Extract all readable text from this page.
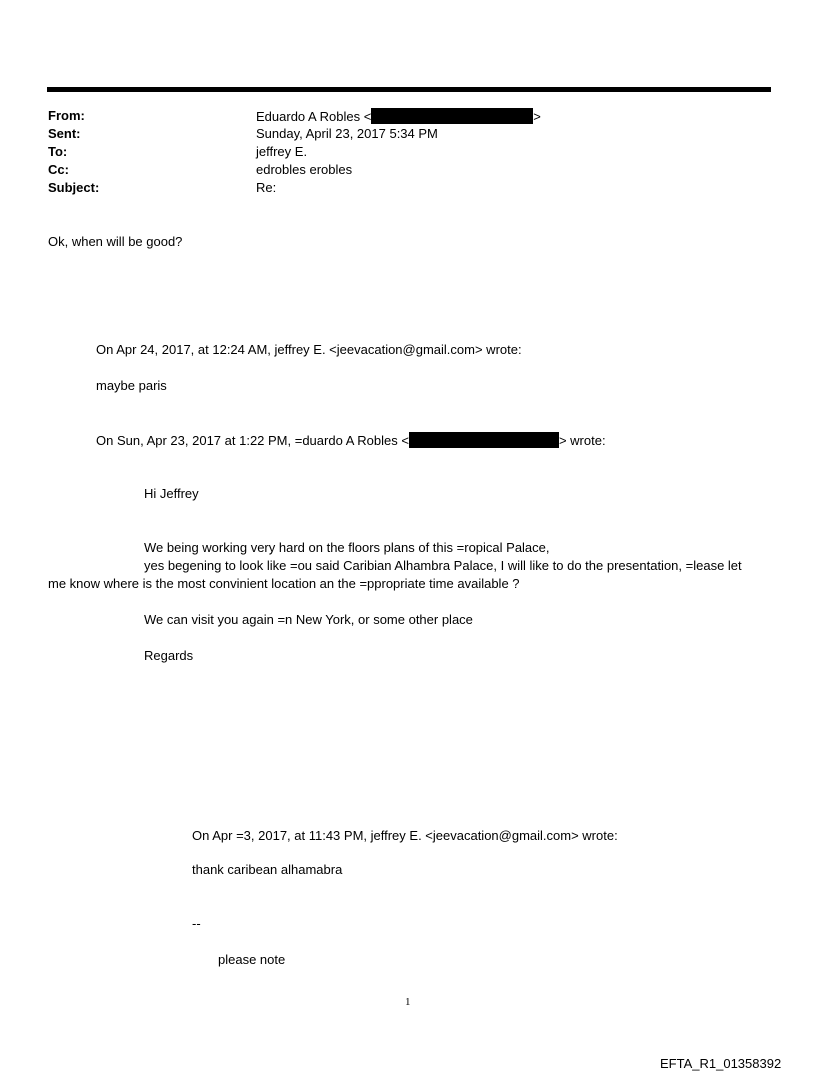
From:	Eduardo A Robles <	>
Sent:	Sunday, April 23, 2017 5:34 PM
To:	jeffrey E.
Cc:	edrobles erobles
Subject:	Re:
Ok, when will be good?
On Apr 24, 2017, at 12:24 AM, jeffrey E. <jeevacation@gmail.com> wrote:
maybe paris
On Sun, Apr 23, 2017 at 1:22 PM, =duardo A Robles <	> wrote:
Hi Jeffrey
We being working very hard on the floors plans of this =ropical Palace,
yes begening to look like =ou said Caribian Alhambra Palace, I will like to do the presentation, =lease let
me know where is the most convinient location an the =ppropriate time available ?
We can visit you again =n New York, or some other place
Regards
On Apr =3, 2017, at 11:43 PM, jeffrey E. <jeevacation@gmail.com> wrote:
thank caribean alhamabra
--
please note
1
EFTA_R1_01358392
